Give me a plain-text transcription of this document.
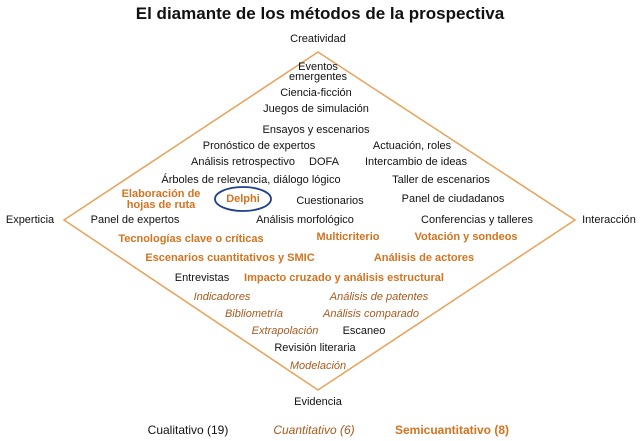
El diamante de los métodos de la prospectiva
Creatividad
Experticia	Interacción
Evidencia
Eventos
emergentes
Ciencia-ficción
Juegos de simulación
Ensayos y escenarios
Pronóstico de expertos	Actuación, roles
Análisis retrospectivo DOFA Intercambio de ideas
Árboles de relevancia, diálogo lógico	Taller de escenarios
Elaboración de
hojas de ruta	Delphi	Cuestionarios	Panel de ciudadanos
Panel de expertos	Análisis morfológico	Conferencias y talleres
Tecnologías clave o críticas	Multicriterio	Votación y sondeos
Escenarios cuantitativos y SMIC	Análisis de actores
Entrevistas Impacto cruzado y análisis estructural
Indicadores	Análisis de patentes
Bibliometría	Análisis comparado
Extrapolación Escaneo
Revisión literaria
Modelación
Cualitativo (19)	Cuantitativo (6)	Semicuantitativo (8)
